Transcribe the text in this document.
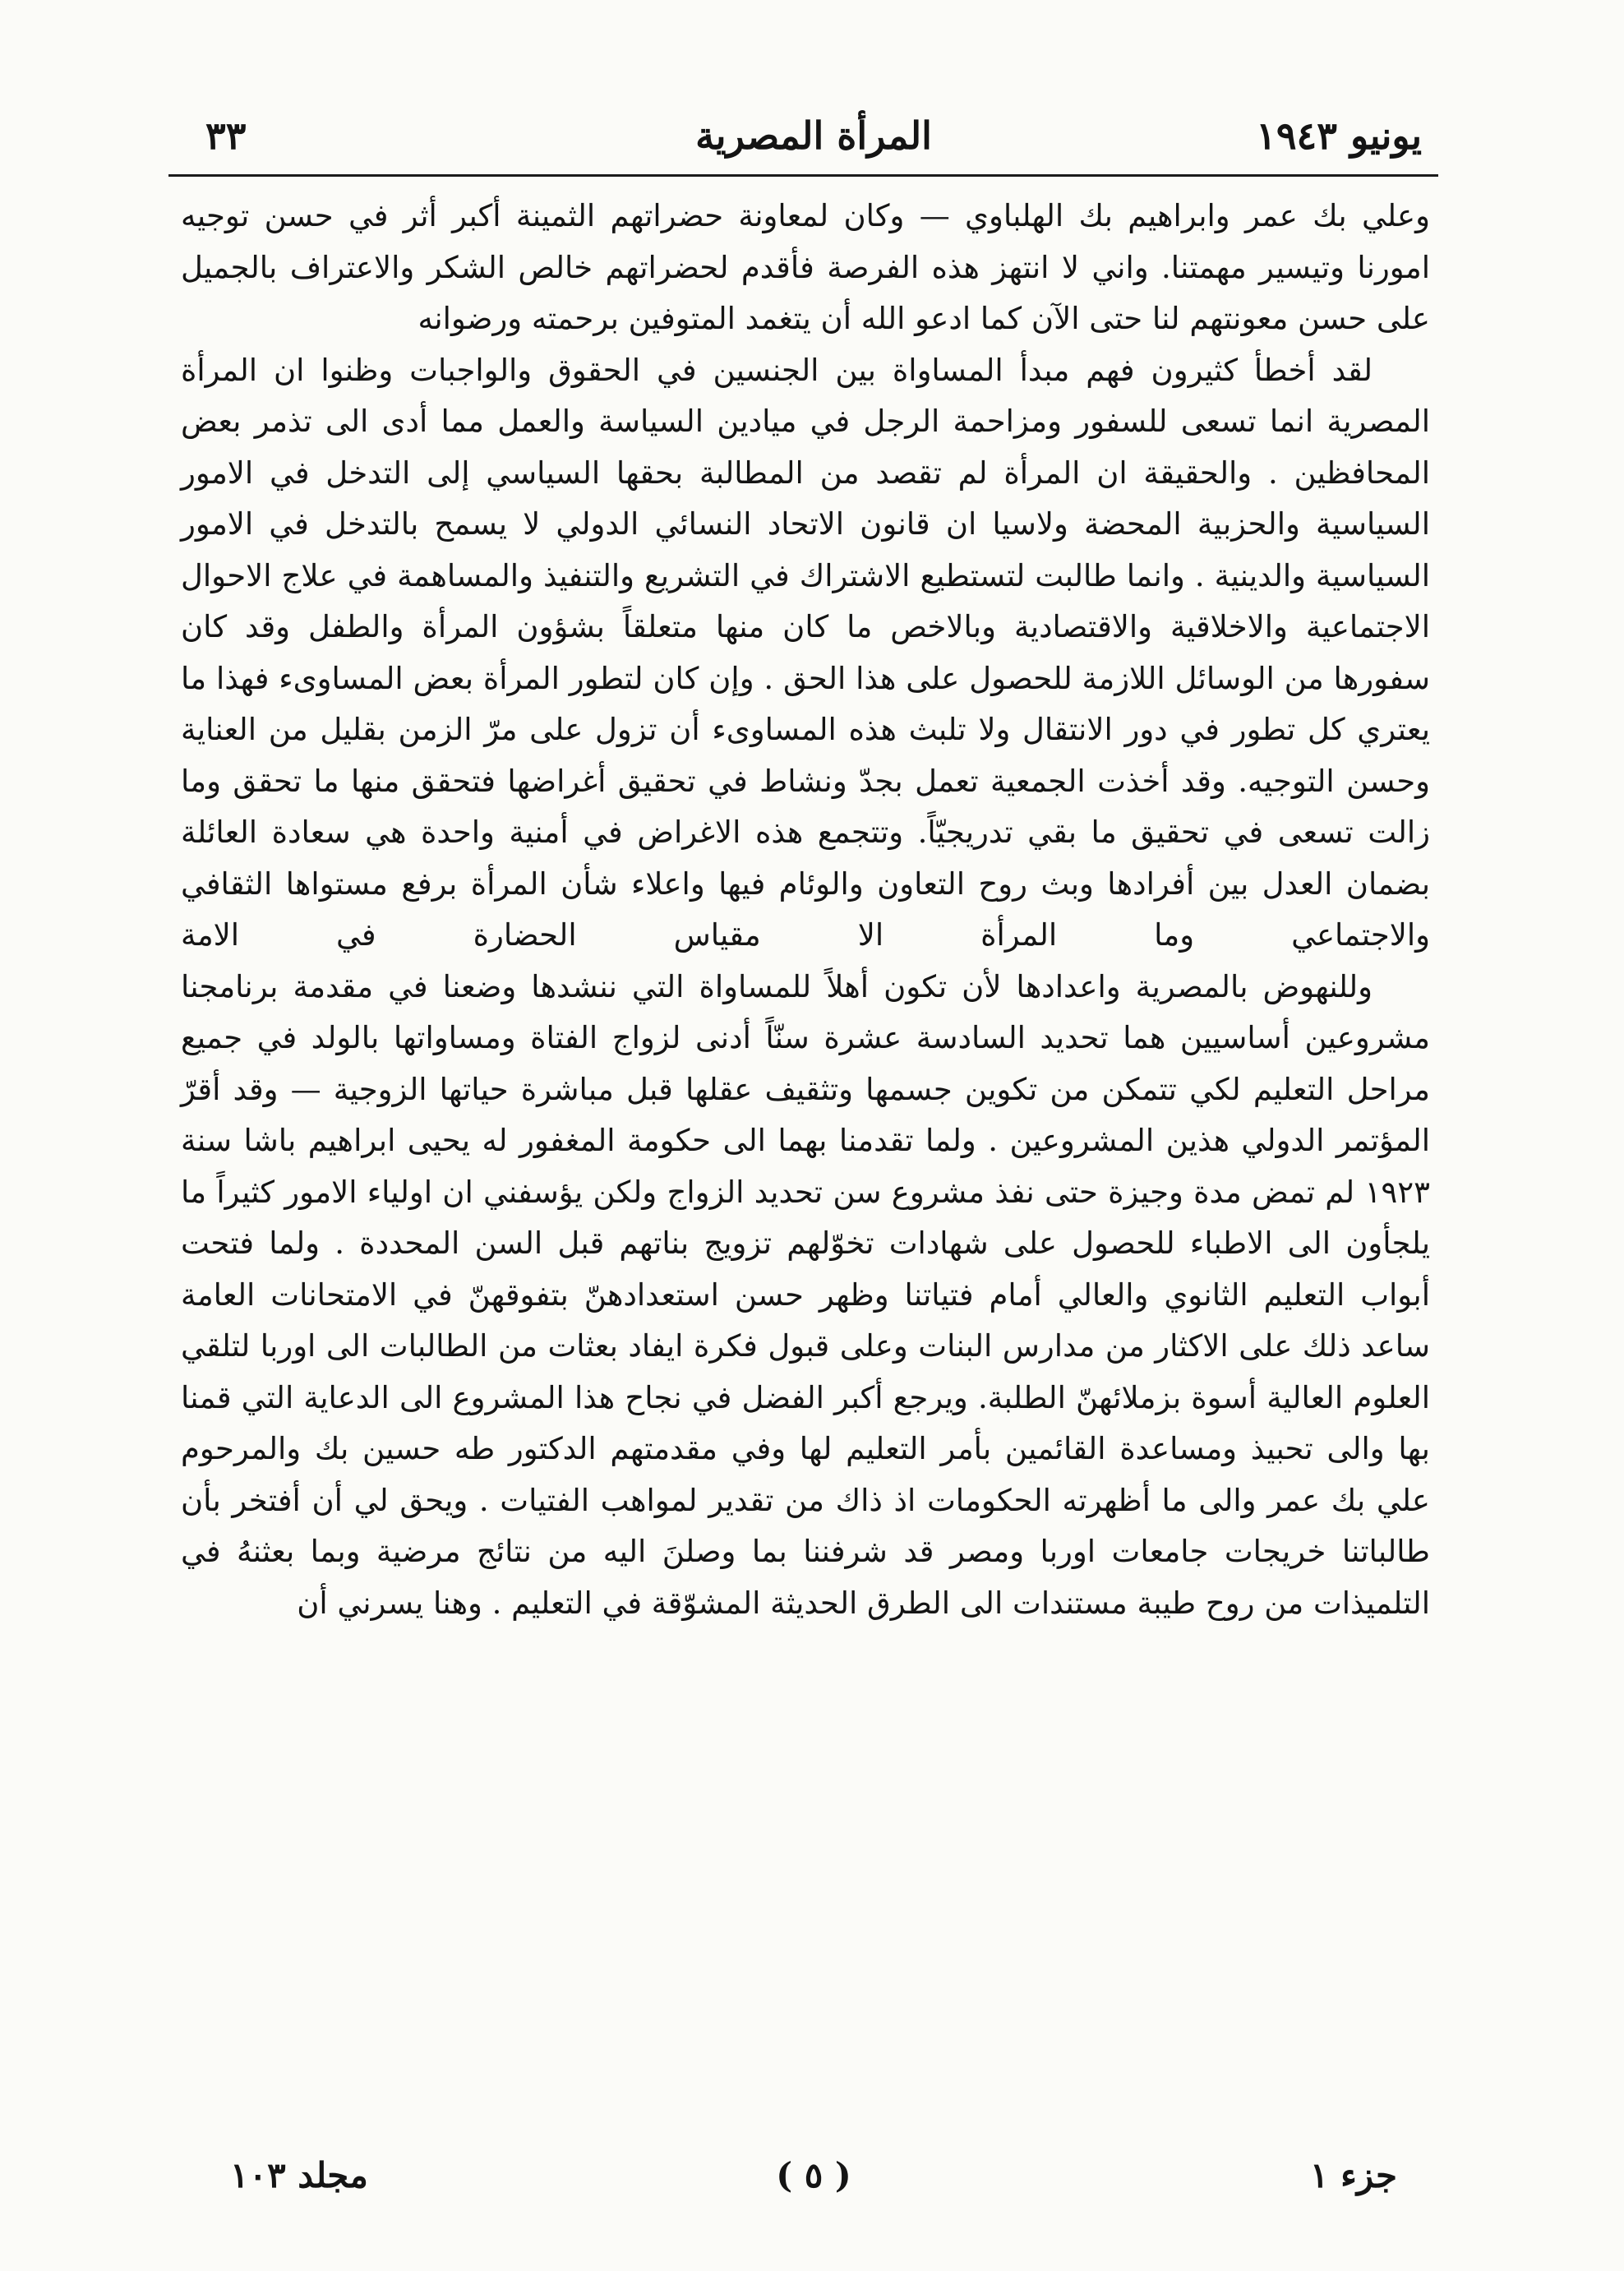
يونيو ١٩٤٣
المرأة المصرية
٣٣

وعلي بك عمر وابراهيم بك الهلباوي — وكان لمعاونة حضراتهم الثمينة أكبر أثر في حسن توجيه امورنا وتيسير مهمتنا. واني لا انتهز هذه الفرصة فأقدم لحضراتهم خالص الشكر والاعتراف بالجميل على حسن معونتهم لنا حتى الآن كما ادعو الله أن يتغمد المتوفين برحمته ورضوانه

لقد أخطأ كثيرون فهم مبدأ المساواة بين الجنسين في الحقوق والواجبات وظنوا ان المرأة المصرية انما تسعى للسفور ومزاحمة الرجل في ميادين السياسة والعمل مما أدى الى تذمر بعض المحافظين . والحقيقة ان المرأة لم تقصد من المطالبة بحقها السياسي إلى التدخل في الامور السياسية والحزبية المحضة ولاسيا ان قانون الاتحاد النسائي الدولي لا يسمح بالتدخل في الامور السياسية والدينية . وانما طالبت لتستطيع الاشتراك في التشريع والتنفيذ والمساهمة في علاج الاحوال الاجتماعية والاخلاقية والاقتصادية وبالاخص ما كان منها متعلقاً بشؤون المرأة والطفل وقد كان سفورها من الوسائل اللازمة للحصول على هذا الحق . وإن كان لتطور المرأة بعض المساوىء فهذا ما يعتري كل تطور في دور الانتقال ولا تلبث هذه المساوىء أن تزول على مرّ الزمن بقليل من العناية وحسن التوجيه. وقد أخذت الجمعية تعمل بجدّ ونشاط في تحقيق أغراضها فتحقق منها ما تحقق وما زالت تسعى في تحقيق ما بقي تدريجيّاً. وتتجمع هذه الاغراض في أمنية واحدة هي سعادة العائلة بضمان العدل بين أفرادها وبث روح التعاون والوئام فيها واعلاء شأن المرأة برفع مستواها الثقافي والاجتماعي وما المرأة الا مقياس الحضارة في الامة

وللنهوض بالمصرية واعدادها لأن تكون أهلاً للمساواة التي ننشدها وضعنا في مقدمة برنامجنا مشروعين أساسيين هما تحديد السادسة عشرة سنّاً أدنى لزواج الفتاة ومساواتها بالولد في جميع مراحل التعليم لكي تتمكن من تكوين جسمها وتثقيف عقلها قبل مباشرة حياتها الزوجية — وقد أقرّ المؤتمر الدولي هذين المشروعين . ولما تقدمنا بهما الى حكومة المغفور له يحيى ابراهيم باشا سنة ١٩٢٣ لم تمض مدة وجيزة حتى نفذ مشروع سن تحديد الزواج ولكن يؤسفني ان اولياء الامور كثيراً ما يلجأون الى الاطباء للحصول على شهادات تخوّلهم تزويج بناتهم قبل السن المحددة . ولما فتحت أبواب التعليم الثانوي والعالي أمام فتياتنا وظهر حسن استعدادهنّ بتفوقهنّ في الامتحانات العامة ساعد ذلك على الاكثار من مدارس البنات وعلى قبول فكرة ايفاد بعثات من الطالبات الى اوربا لتلقي العلوم العالية أسوة بزملائهنّ الطلبة. ويرجع أكبر الفضل في نجاح هذا المشروع الى الدعاية التي قمنا بها والى تحبيذ ومساعدة القائمين بأمر التعليم لها وفي مقدمتهم الدكتور طه حسين بك والمرحوم علي بك عمر والى ما أظهرته الحكومات اذ ذاك من تقدير لمواهب الفتيات . ويحق لي أن أفتخر بأن طالباتنا خريجات جامعات اوربا ومصر قد شرفننا بما وصلنَ اليه من نتائج مرضية وبما بعثنهُ في التلميذات من روح طيبة مستندات الى الطرق الحديثة المشوّقة في التعليم . وهنا يسرني أن

جزء ١
( ٥ )
مجلد ١٠٣
